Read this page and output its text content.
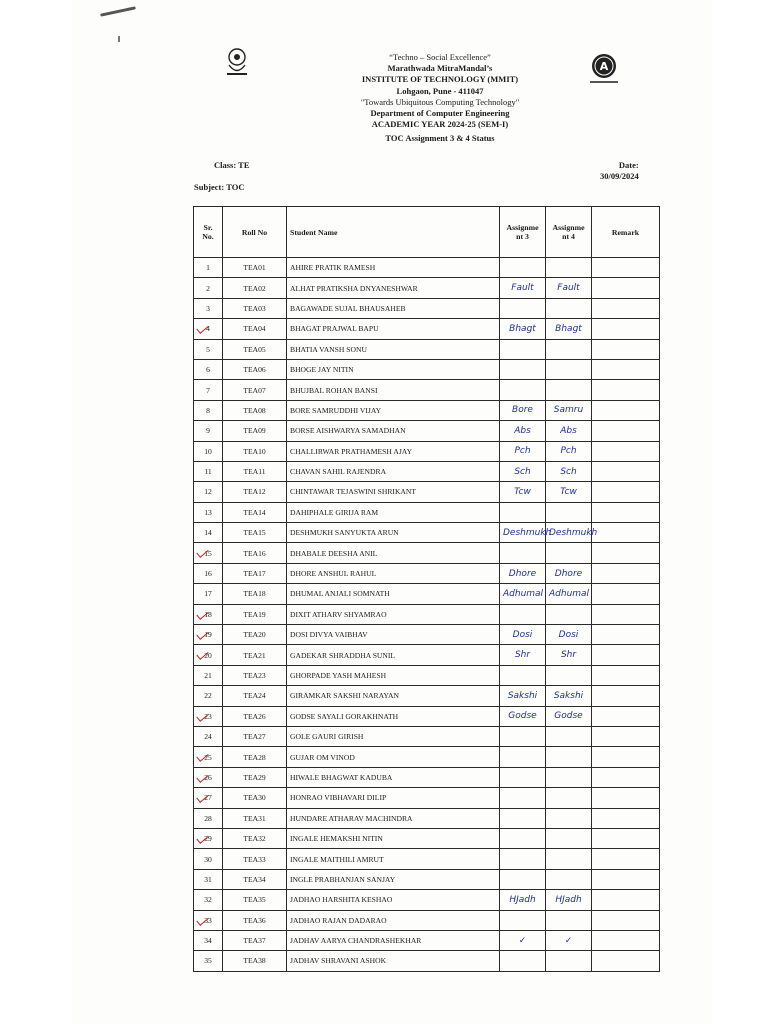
A
“Techno – Social Excellence”
Marathwada MitraMandal’s
INSTITUTE OF TECHNOLOGY (MMIT)
Lohgaon, Pune - 411047
"Towards Ubiquitous Computing Technology"
Department of Computer Engineering
ACADEMIC YEAR 2024-25 (SEM-I)
TOC Assignment 3 & 4 Status
Class: TE
Subject: TOC
Date:
30/09/2024
Sr. No.	Roll No	Student Name	Assignme nt 3	Assignme nt 4	Remark
1	TEA01	AHIRE PRATIK RAMESH			
2	TEA02	ALHAT PRATIKSHA DNYANESHWAR	Fault	Fault	
3	TEA03	BAGAWADE SUJAL BHAUSAHEB			
4	TEA04	BHAGAT PRAJWAL BAPU	Bhagt	Bhagt	
5	TEA05	BHATIA VANSH SONU			
6	TEA06	BHOGE JAY NITIN			
7	TEA07	BHUJBAL ROHAN BANSI			
8	TEA08	BORE SAMRUDDHI VIJAY	Bore	Samru	
9	TEA09	BORSE AISHWARYA SAMADHAN	Abs	Abs	
10	TEA10	CHALLIRWAR PRATHAMESH AJAY	Pch	Pch	
11	TEA11	CHAVAN SAHIL RAJENDRA	Sch	Sch	
12	TEA12	CHINTAWAR TEJASWINI SHRIKANT	Tcw	Tcw	
13	TEA14	DAHIPHALE GIRIJA RAM			
14	TEA15	DESHMUKH SANYUKTA ARUN	Deshmukh	Deshmukh	
15	TEA16	DHABALE DEESHA ANIL			
16	TEA17	DHORE ANSHUL RAHUL	Dhore	Dhore	
17	TEA18	DHUMAL ANJALI SOMNATH	Adhumal	Adhumal	
18	TEA19	DIXIT ATHARV SHYAMRAO			
19	TEA20	DOSI DIVYA VAIBHAV	Dosi	Dosi	
20	TEA21	GADEKAR SHRADDHA SUNIL	Shr	Shr	
21	TEA23	GHORPADE YASH MAHESH			
22	TEA24	GIRAMKAR SAKSHI NARAYAN	Sakshi	Sakshi	
23	TEA26	GODSE SAYALI GORAKHNATH	Godse	Godse	
24	TEA27	GOLE GAURI GIRISH			
25	TEA28	GUJAR OM VINOD			
26	TEA29	HIWALE BHAGWAT KADUBA			
27	TEA30	HONRAO VIBHAVARI DILIP			
28	TEA31	HUNDARE ATHARAV MACHINDRA			
29	TEA32	INGALE HEMAKSHI NITIN			
30	TEA33	INGALE MAITHILI AMRUT			
31	TEA34	INGLE PRABHANJAN SANJAY			
32	TEA35	JADHAO HARSHITA KESHAO	HJadh	HJadh	
33	TEA36	JADHAO RAJAN DADARAO			
34	TEA37	JADHAV AARYA CHANDRASHEKHAR	✓	✓	
35	TEA38	JADHAV SHRAVANI ASHOK			
